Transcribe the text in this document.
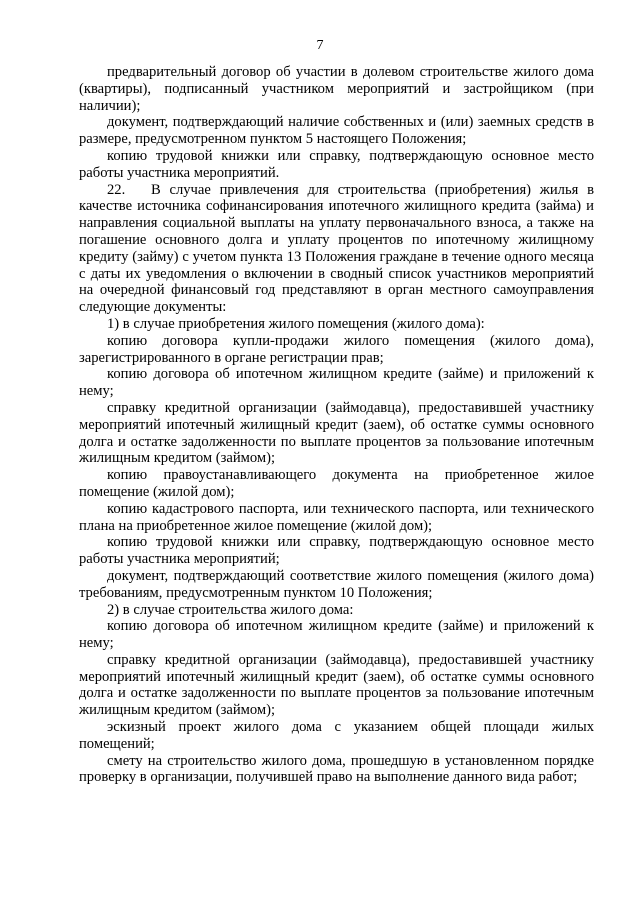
7

предварительный договор об участии в долевом строительстве жилого дома (квартиры), подписанный участником мероприятий и застройщиком (при наличии);

документ, подтверждающий наличие собственных и (или) заемных средств в размере, предусмотренном пунктом 5 настоящего Положения;

копию трудовой книжки или справку, подтверждающую основное место работы участника мероприятий.

22. В случае привлечения для строительства (приобретения) жилья в качестве источника софинансирования ипотечного жилищного кредита (займа) и направления социальной выплаты на уплату первоначального взноса, а также на погашение основного долга и уплату процентов по ипотечному жилищному кредиту (займу) с учетом пункта 13 Положения граждане в течение одного месяца с даты их уведомления о включении в сводный список участников мероприятий на очередной финансовый год представляют в орган местного самоуправления следующие документы:

1) в случае приобретения жилого помещения (жилого дома):

копию договора купли-продажи жилого помещения (жилого дома), зарегистрированного в органе регистрации прав;

копию договора об ипотечном жилищном кредите (займе) и приложений к нему;

справку кредитной организации (займодавца), предоставившей участнику мероприятий ипотечный жилищный кредит (заем), об остатке суммы основного долга и остатке задолженности по выплате процентов за пользование ипотечным жилищным кредитом (займом);

копию правоустанавливающего документа на приобретенное жилое помещение (жилой дом);

копию кадастрового паспорта, или технического паспорта, или технического плана на приобретенное жилое помещение (жилой дом);

копию трудовой книжки или справку, подтверждающую основное место работы участника мероприятий;

документ, подтверждающий соответствие жилого помещения (жилого дома) требованиям, предусмотренным пунктом 10 Положения;

2) в случае строительства жилого дома:

копию договора об ипотечном жилищном кредите (займе) и приложений к нему;

справку кредитной организации (займодавца), предоставившей участнику мероприятий ипотечный жилищный кредит (заем), об остатке суммы основного долга и остатке задолженности по выплате процентов за пользование ипотечным жилищным кредитом (займом);

эскизный проект жилого дома с указанием общей площади жилых помещений;

смету на строительство жилого дома, прошедшую в установленном порядке проверку в организации, получившей право на выполнение данного вида работ;
